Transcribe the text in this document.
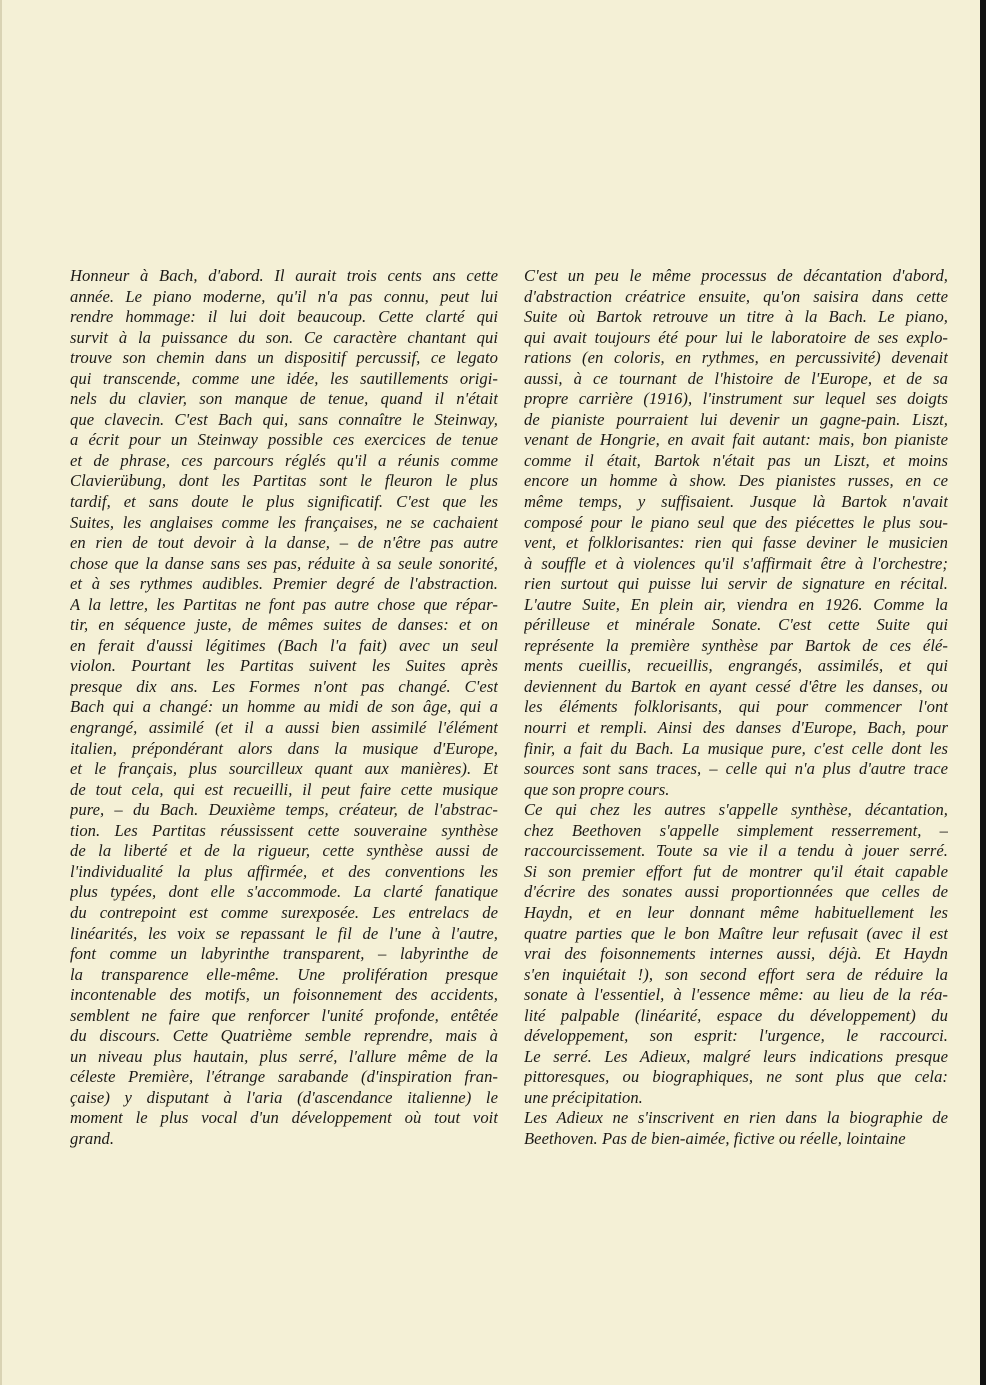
Honneur à Bach, d'abord. Il aurait trois cents ans cette
année. Le piano moderne, qu'il n'a pas connu, peut lui
rendre hommage: il lui doit beaucoup. Cette clarté qui
survit à la puissance du son. Ce caractère chantant qui
trouve son chemin dans un dispositif percussif, ce legato
qui transcende, comme une idée, les sautillements origi-
nels du clavier, son manque de tenue, quand il n'était
que clavecin. C'est Bach qui, sans connaître le Steinway,
a écrit pour un Steinway possible ces exercices de tenue
et de phrase, ces parcours réglés qu'il a réunis comme
Clavierübung, dont les Partitas sont le fleuron le plus
tardif, et sans doute le plus significatif. C'est que les
Suites, les anglaises comme les françaises, ne se cachaient
en rien de tout devoir à la danse, – de n'être pas autre
chose que la danse sans ses pas, réduite à sa seule sonorité,
et à ses rythmes audibles. Premier degré de l'abstraction.
A la lettre, les Partitas ne font pas autre chose que répar-
tir, en séquence juste, de mêmes suites de danses: et on
en ferait d'aussi légitimes (Bach l'a fait) avec un seul
violon. Pourtant les Partitas suivent les Suites après
presque dix ans. Les Formes n'ont pas changé. C'est
Bach qui a changé: un homme au midi de son âge, qui a
engrangé, assimilé (et il a aussi bien assimilé l'élément
italien, prépondérant alors dans la musique d'Europe,
et le français, plus sourcilleux quant aux manières). Et
de tout cela, qui est recueilli, il peut faire cette musique
pure, – du Bach. Deuxième temps, créateur, de l'abstrac-
tion. Les Partitas réussissent cette souveraine synthèse
de la liberté et de la rigueur, cette synthèse aussi de
l'individualité la plus affirmée, et des conventions les
plus typées, dont elle s'accommode. La clarté fanatique
du contrepoint est comme surexposée. Les entrelacs de
linéarités, les voix se repassant le fil de l'une à l'autre,
font comme un labyrinthe transparent, – labyrinthe de
la transparence elle-même. Une prolifération presque
incontenable des motifs, un foisonnement des accidents,
semblent ne faire que renforcer l'unité profonde, entêtée
du discours. Cette Quatrième semble reprendre, mais à
un niveau plus hautain, plus serré, l'allure même de la
céleste Première, l'étrange sarabande (d'inspiration fran-
çaise) y disputant à l'aria (d'ascendance italienne) le
moment le plus vocal d'un développement où tout voit
grand.
C'est un peu le même processus de décantation d'abord,
d'abstraction créatrice ensuite, qu'on saisira dans cette
Suite où Bartok retrouve un titre à la Bach. Le piano,
qui avait toujours été pour lui le laboratoire de ses explo-
rations (en coloris, en rythmes, en percussivité) devenait
aussi, à ce tournant de l'histoire de l'Europe, et de sa
propre carrière (1916), l'instrument sur lequel ses doigts
de pianiste pourraient lui devenir un gagne-pain. Liszt,
venant de Hongrie, en avait fait autant: mais, bon pianiste
comme il était, Bartok n'était pas un Liszt, et moins
encore un homme à show. Des pianistes russes, en ce
même temps, y suffisaient. Jusque là Bartok n'avait
composé pour le piano seul que des piécettes le plus sou-
vent, et folklorisantes: rien qui fasse deviner le musicien
à souffle et à violences qu'il s'affirmait être à l'orchestre;
rien surtout qui puisse lui servir de signature en récital.
L'autre Suite, En plein air, viendra en 1926. Comme la
périlleuse et minérale Sonate. C'est cette Suite qui
représente la première synthèse par Bartok de ces élé-
ments cueillis, recueillis, engrangés, assimilés, et qui
deviennent du Bartok en ayant cessé d'être les danses, ou
les éléments folklorisants, qui pour commencer l'ont
nourri et rempli. Ainsi des danses d'Europe, Bach, pour
finir, a fait du Bach. La musique pure, c'est celle dont les
sources sont sans traces, – celle qui n'a plus d'autre trace
que son propre cours.
Ce qui chez les autres s'appelle synthèse, décantation,
chez Beethoven s'appelle simplement resserrement, –
raccourcissement. Toute sa vie il a tendu à jouer serré.
Si son premier effort fut de montrer qu'il était capable
d'écrire des sonates aussi proportionnées que celles de
Haydn, et en leur donnant même habituellement les
quatre parties que le bon Maître leur refusait (avec il est
vrai des foisonnements internes aussi, déjà. Et Haydn
s'en inquiétait !), son second effort sera de réduire la
sonate à l'essentiel, à l'essence même: au lieu de la réa-
lité palpable (linéarité, espace du développement) du
développement, son esprit: l'urgence, le raccourci.
Le serré. Les Adieux, malgré leurs indications presque
pittoresques, ou biographiques, ne sont plus que cela:
une précipitation.
Les Adieux ne s'inscrivent en rien dans la biographie de
Beethoven. Pas de bien-aimée, fictive ou réelle, lointaine
